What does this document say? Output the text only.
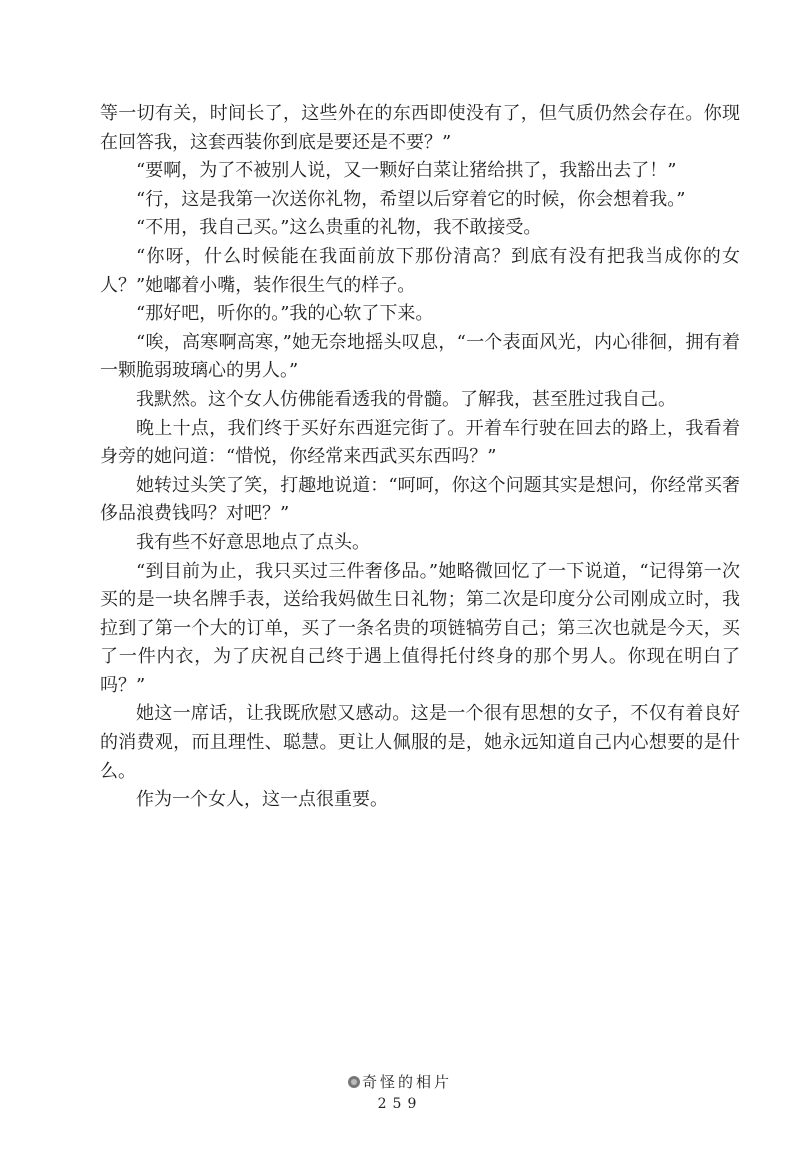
等一切有关，时间长了，这些外在的东西即使没有了，但气质仍然会存在。你现在回答我，这套西装你到底是要还是不要？”

“要啊，为了不被别人说，又一颗好白菜让猪给拱了，我豁出去了！”

“行，这是我第一次送你礼物，希望以后穿着它的时候，你会想着我。”

“不用，我自己买。”这么贵重的礼物，我不敢接受。

“你呀，什么时候能在我面前放下那份清高？到底有没有把我当成你的女人？”她嘟着小嘴，装作很生气的样子。

“那好吧，听你的。”我的心软了下来。

“唉，高寒啊高寒，”她无奈地摇头叹息，“一个表面风光，内心徘徊，拥有着一颗脆弱玻璃心的男人。”

我默然。这个女人仿佛能看透我的骨髓。了解我，甚至胜过我自己。

晚上十点，我们终于买好东西逛完街了。开着车行驶在回去的路上，我看着身旁的她问道：“惜悦，你经常来西武买东西吗？”

她转过头笑了笑，打趣地说道：“呵呵，你这个问题其实是想问，你经常买奢侈品浪费钱吗？对吧？”

我有些不好意思地点了点头。

“到目前为止，我只买过三件奢侈品。”她略微回忆了一下说道，“记得第一次买的是一块名牌手表，送给我妈做生日礼物；第二次是印度分公司刚成立时，我拉到了第一个大的订单，买了一条名贵的项链犒劳自己；第三次也就是今天，买了一件内衣，为了庆祝自己终于遇上值得托付终身的那个男人。你现在明白了吗？”

她这一席话，让我既欣慰又感动。这是一个很有思想的女子，不仅有着良好的消费观，而且理性、聪慧。更让人佩服的是，她永远知道自己内心想要的是什么。

作为一个女人，这一点很重要。

奇怪的相片
259
